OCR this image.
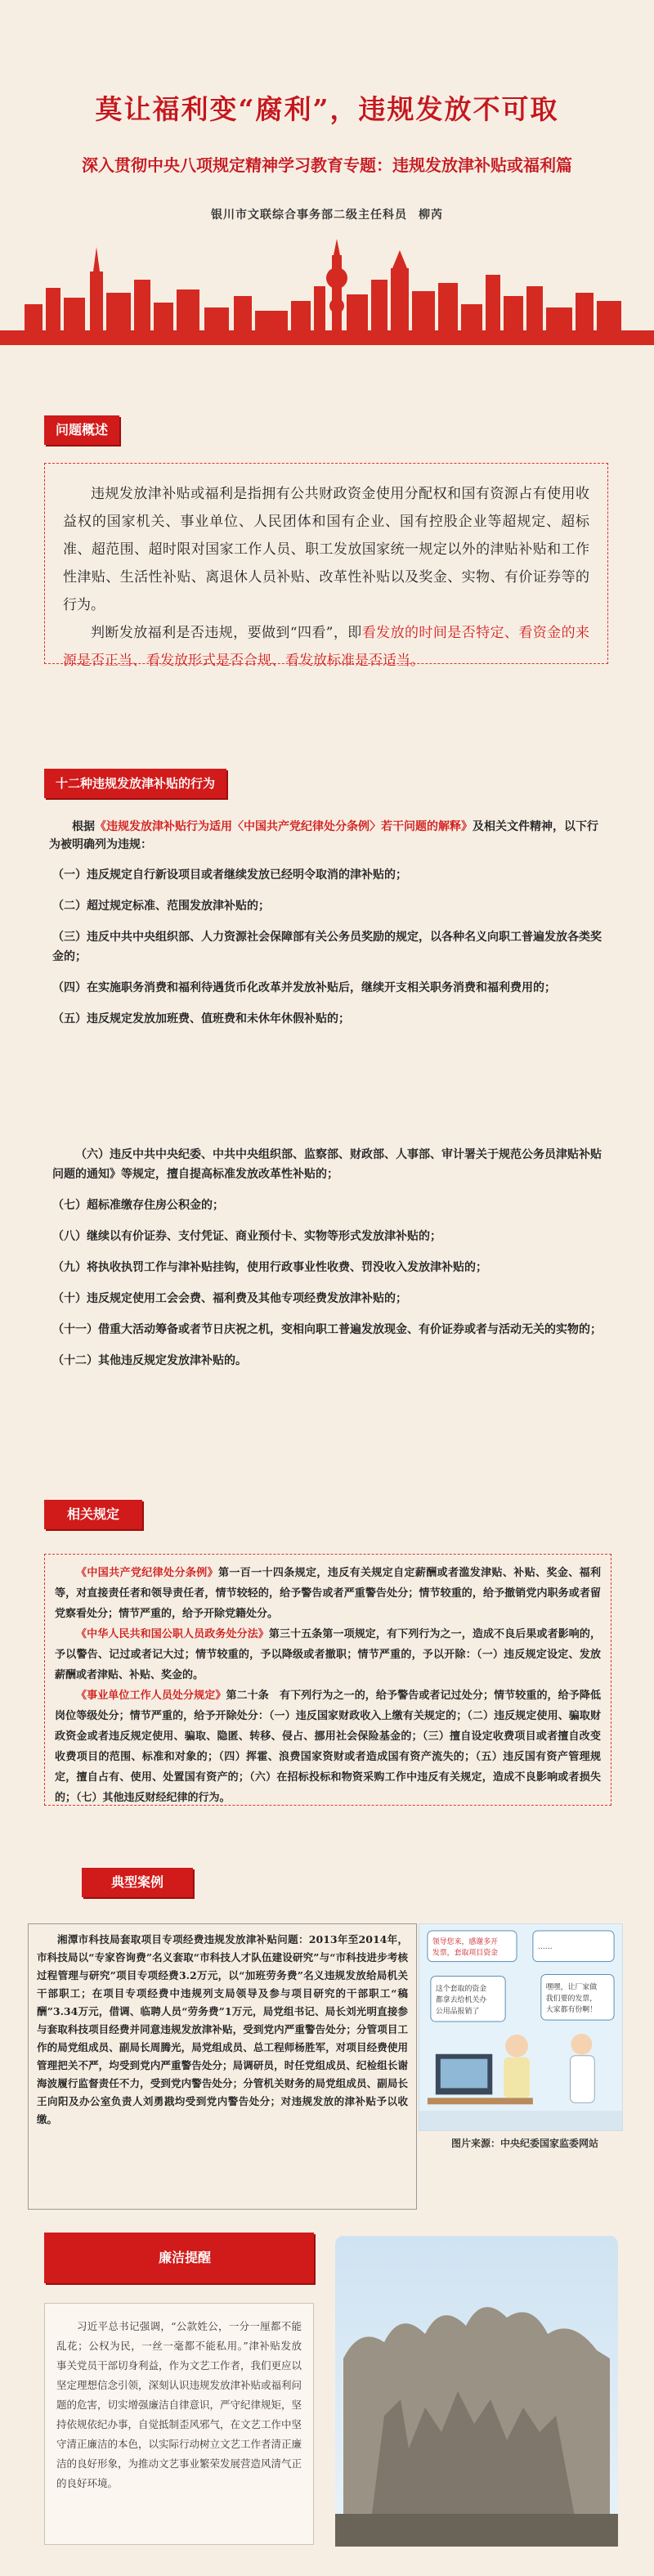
莫让福利变“腐利”，违规发放不可取
深入贯彻中央八项规定精神学习教育专题：违规发放津补贴或福利篇
银川市文联综合事务部二级主任科员 柳芮
问题概述

违规发放津补贴或福利是指拥有公共财政资金使用分配权和国有资源占有使用收益权的国家机关、事业单位、人民团体和国有企业、国有控股企业等超规定、超标准、超范围、超时限对国家工作人员、职工发放国家统一规定以外的津贴补贴和工作性津贴、生活性补贴、离退休人员补贴、改革性补贴以及奖金、实物、有价证券等的行为。

判断发放福利是否违规，要做到“四看”，即看发放的时间是否特定、看资金的来源是否正当、看发放形式是否合规、看发放标准是否适当。

十二种违规发放津补贴的行为

根据《违规发放津补贴行为适用〈中国共产党纪律处分条例〉若干问题的解释》及相关文件精神，以下行为被明确列为违规：

（一）违反规定自行新设项目或者继续发放已经明令取消的津补贴的；

（二）超过规定标准、范围发放津补贴的；

（三）违反中共中央组织部、人力资源社会保障部有关公务员奖励的规定，以各种名义向职工普遍发放各类奖金的；

（四）在实施职务消费和福利待遇货币化改革并发放补贴后，继续开支相关职务消费和福利费用的；

（五）违反规定发放加班费、值班费和未休年休假补贴的；

（六）违反中共中央纪委、中共中央组织部、监察部、财政部、人事部、审计署关于规范公务员津贴补贴问题的通知》等规定，擅自提高标准发放改革性补贴的；

（七）超标准缴存住房公积金的；

（八）继续以有价证券、支付凭证、商业预付卡、实物等形式发放津补贴的；

（九）将执收执罚工作与津补贴挂钩，使用行政事业性收费、罚没收入发放津补贴的；

（十）违反规定使用工会会费、福利费及其他专项经费发放津补贴的；

（十一）借重大活动筹备或者节日庆祝之机，变相向职工普遍发放现金、有价证券或者与活动无关的实物的；

（十二）其他违反规定发放津补贴的。

相关规定

《中国共产党纪律处分条例》第一百一十四条规定，违反有关规定自定薪酬或者滥发津贴、补贴、奖金、福利等，对直接责任者和领导责任者，情节较轻的，给予警告或者严重警告处分；情节较重的，给予撤销党内职务或者留党察看处分；情节严重的，给予开除党籍处分。

《中华人民共和国公职人员政务处分法》第三十五条第一项规定，有下列行为之一，造成不良后果或者影响的，予以警告、记过或者记大过；情节较重的，予以降级或者撤职；情节严重的，予以开除：（一）违反规定设定、发放薪酬或者津贴、补贴、奖金的。

《事业单位工作人员处分规定》第二十条　有下列行为之一的，给予警告或者记过处分；情节较重的，给予降低岗位等级处分；情节严重的，给予开除处分：（一）违反国家财政收入上缴有关规定的；（二）违反规定使用、骗取财政资金或者违反规定使用、骗取、隐匿、转移、侵占、挪用社会保险基金的；（三）擅自设定收费项目或者擅自改变收费项目的范围、标准和对象的；（四）挥霍、浪费国家资财或者造成国有资产流失的；（五）违反国有资产管理规定，擅自占有、使用、处置国有资产的；（六）在招标投标和物资采购工作中违反有关规定，造成不良影响或者损失的；（七）其他违反财经纪律的行为。

典型案例

湘潭市科技局套取项目专项经费违规发放津补贴问题：2013年至2014年，市科技局以“专家咨询费”名义套取“市科技人才队伍建设研究”与“市科技进步考核过程管理与研究”项目专项经费3.2万元，以“加班劳务费”名义违规发放给局机关干部职工；在项目专项经费中违规列支局领导及参与项目研究的干部职工“稿酬”3.34万元，借调、临聘人员“劳务费”1万元，局党组书记、局长刘光明直接参与套取科技项目经费并同意违规发放津补贴，受到党内严重警告处分；分管项目工作的局党组成员、副局长周腾光，局党组成员、总工程师杨胜军，对项目经费使用管理把关不严，均受到党内严重警告处分；局调研员，时任党组成员、纪检组长谢海波履行监督责任不力，受到党内警告处分；分管机关财务的局党组成员、副局长王向阳及办公室负责人刘勇戡均受到党内警告处分；对违规发放的津补贴予以收缴。

领导您来，感谢多开
发票，套取项目资金
……
这个套取的资金
都拿去给机关办
公用品报销了
嘿嘿，让厂家做
我们要的发票，
大家都有份啊！
图片来源：中央纪委国家监委网站
廉洁提醒

习近平总书记强调，“公款姓公，一分一厘都不能乱花；公权为民，一丝一毫都不能私用。”津补贴发放事关党员干部切身利益，作为文艺工作者，我们更应以坚定理想信念引领，深刻认识违规发放津补贴或福利问题的危害，切实增强廉洁自律意识，严守纪律规矩，坚持依规依纪办事，自觉抵制歪风邪气，在文艺工作中坚守清正廉洁的本色，以实际行动树立文艺工作者清正廉洁的良好形象，为推动文艺事业繁荣发展营造风清气正的良好环境。
